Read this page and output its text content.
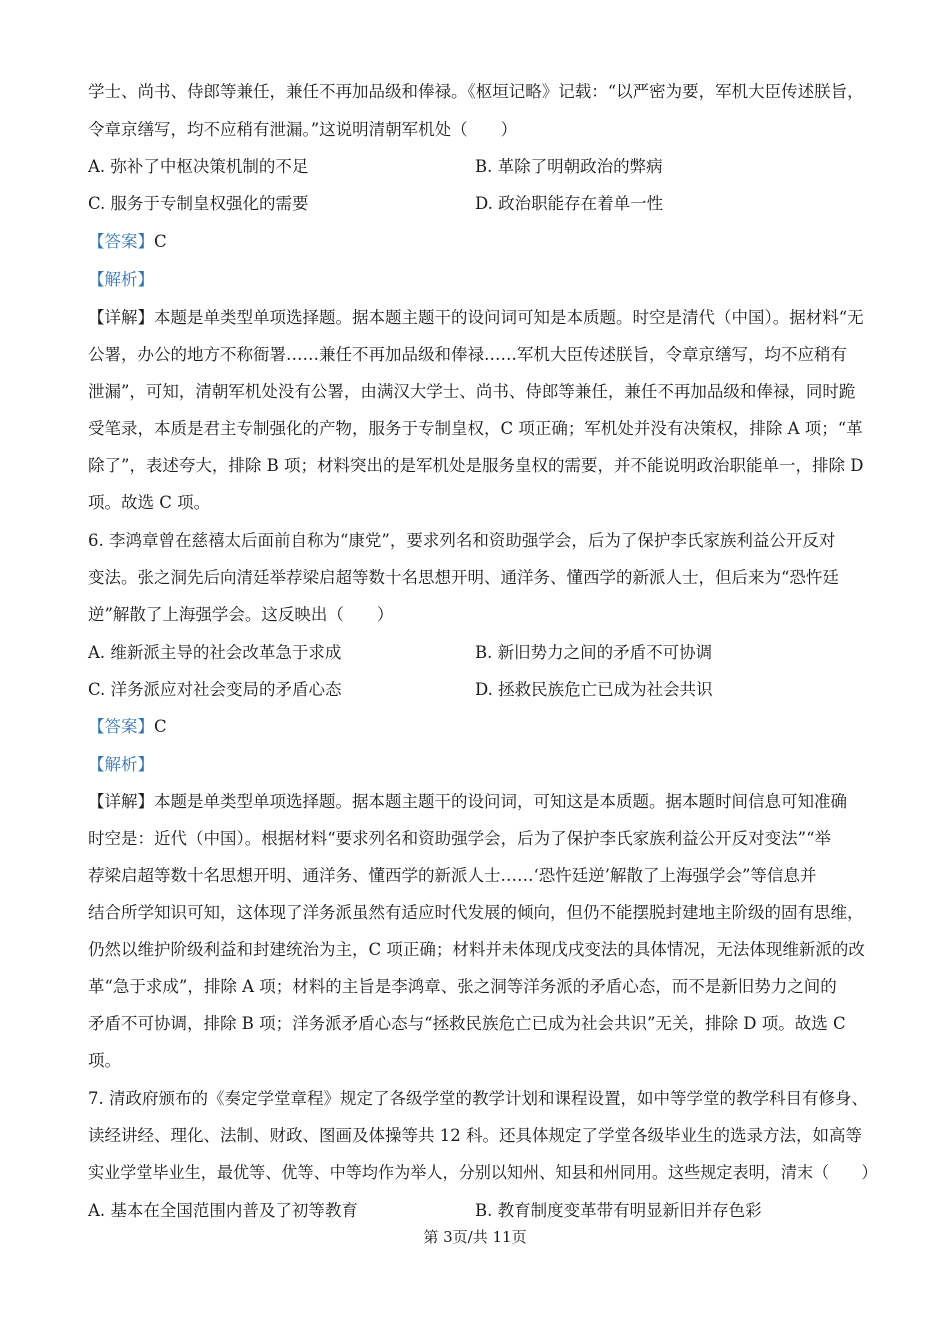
学士、尚书、侍郎等兼任，兼任不再加品级和俸禄。《枢垣记略》记载：“以严密为要，军机大臣传述朕旨，
令章京缮写，均不应稍有泄漏。”这说明清朝军机处（　　）
A. 弥补了中枢决策机制的不足	B. 革除了明朝政治的弊病
C. 服务于专制皇权强化的需要	D. 政治职能存在着单一性
【答案】C
【解析】
【详解】本题是单类型单项选择题。据本题主题干的设问词可知是本质题。时空是清代（中国）。据材料“无
公署，办公的地方不称衙署……兼任不再加品级和俸禄……军机大臣传述朕旨，令章京缮写，均不应稍有
泄漏”，可知，清朝军机处没有公署，由满汉大学士、尚书、侍郎等兼任，兼任不再加品级和俸禄，同时跪
受笔录，本质是君主专制强化的产物，服务于专制皇权，C 项正确；军机处并没有决策权，排除 A 项；“革
除了”，表述夸大，排除 B 项；材料突出的是军机处是服务皇权的需要，并不能说明政治职能单一，排除 D
项。故选 C 项。
6. 李鸿章曾在慈禧太后面前自称为“康党”，要求列名和资助强学会，后为了保护李氏家族利益公开反对
变法。张之洞先后向清廷举荐梁启超等数十名思想开明、通洋务、懂西学的新派人士，但后来为“恐忤廷
逆”解散了上海强学会。这反映出（　　）
A. 维新派主导的社会改革急于求成	B. 新旧势力之间的矛盾不可协调
C. 洋务派应对社会变局的矛盾心态	D. 拯救民族危亡已成为社会共识
【答案】C
【解析】
【详解】本题是单类型单项选择题。据本题主题干的设问词，可知这是本质题。据本题时间信息可知准确
时空是：近代（中国）。根据材料“要求列名和资助强学会，后为了保护李氏家族利益公开反对变法”“举
荐梁启超等数十名思想开明、通洋务、懂西学的新派人士……‘恐忤廷逆’解散了上海强学会”等信息并
结合所学知识可知，这体现了洋务派虽然有适应时代发展的倾向，但仍不能摆脱封建地主阶级的固有思维，
仍然以维护阶级利益和封建统治为主，C 项正确；材料并未体现戊戌变法的具体情况，无法体现维新派的改
革“急于求成”，排除 A 项；材料的主旨是李鸿章、张之洞等洋务派的矛盾心态，而不是新旧势力之间的
矛盾不可协调，排除 B 项；洋务派矛盾心态与“拯救民族危亡已成为社会共识”无关，排除 D 项。故选 C
项。
7. 清政府颁布的《奏定学堂章程》规定了各级学堂的教学计划和课程设置，如中等学堂的教学科目有修身、
读经讲经、理化、法制、财政、图画及体操等共 12 科。还具体规定了学堂各级毕业生的选录方法，如高等
实业学堂毕业生，最优等、优等、中等均作为举人，分别以知州、知县和州同用。这些规定表明，清末（　　）
A. 基本在全国范围内普及了初等教育	B. 教育制度变革带有明显新旧并存色彩
第 3页/共 11页
